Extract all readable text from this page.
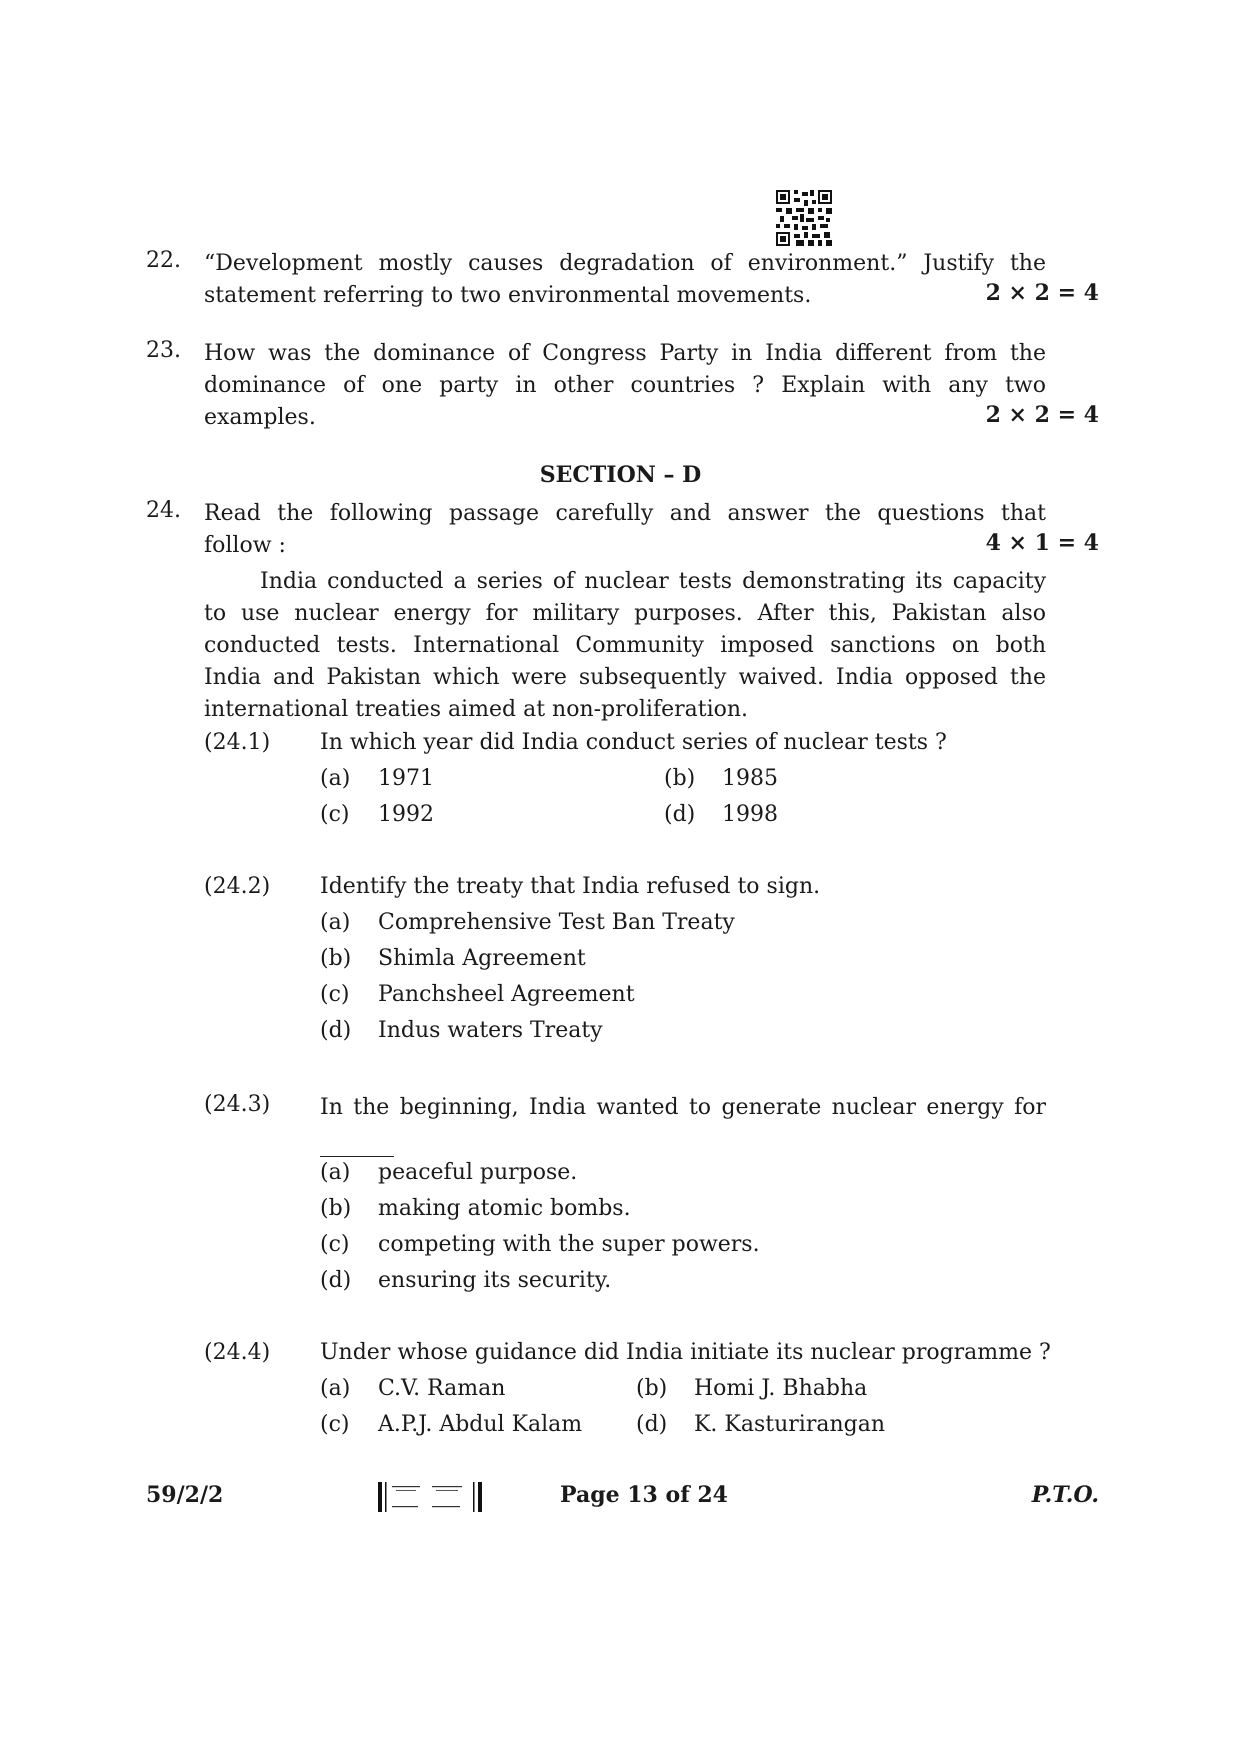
22. “Development mostly causes degradation of environment.” Justify the
statement referring to two environmental movements.	2 × 2 = 4
23. How was the dominance of Congress Party in India different from the
dominance of one party in other countries ? Explain with any two
examples.	2 × 2 = 4
SECTION – D
24. Read the following passage carefully and answer the questions that
follow :	4 × 1 = 4
India conducted a series of nuclear tests demonstrating its capacity
to use nuclear energy for military purposes. After this, Pakistan also
conducted tests. International Community imposed sanctions on both
India and Pakistan which were subsequently waived. India opposed the
international treaties aimed at non-proliferation.
(24.1) In which year did India conduct series of nuclear tests ?
(a) 1971	(b) 1985
(c) 1992	(d) 1998
(24.2) Identify the treaty that India refused to sign.
(a) Comprehensive Test Ban Treaty
(b) Shimla Agreement
(c) Panchsheel Agreement
(d) Indus waters Treaty
(24.3) In the beginning, India wanted to generate nuclear energy for
(a) peaceful purpose.
(b) making atomic bombs.
(c) competing with the super powers.
(d) ensuring its security.
(24.4) Under whose guidance did India initiate its nuclear programme ?
(a) C.V. Raman	(b) Homi J. Bhabha
(c) A.P.J. Abdul Kalam (d) K. Kasturirangan
59/2/2	Page 13 of 24	P.T.O.
